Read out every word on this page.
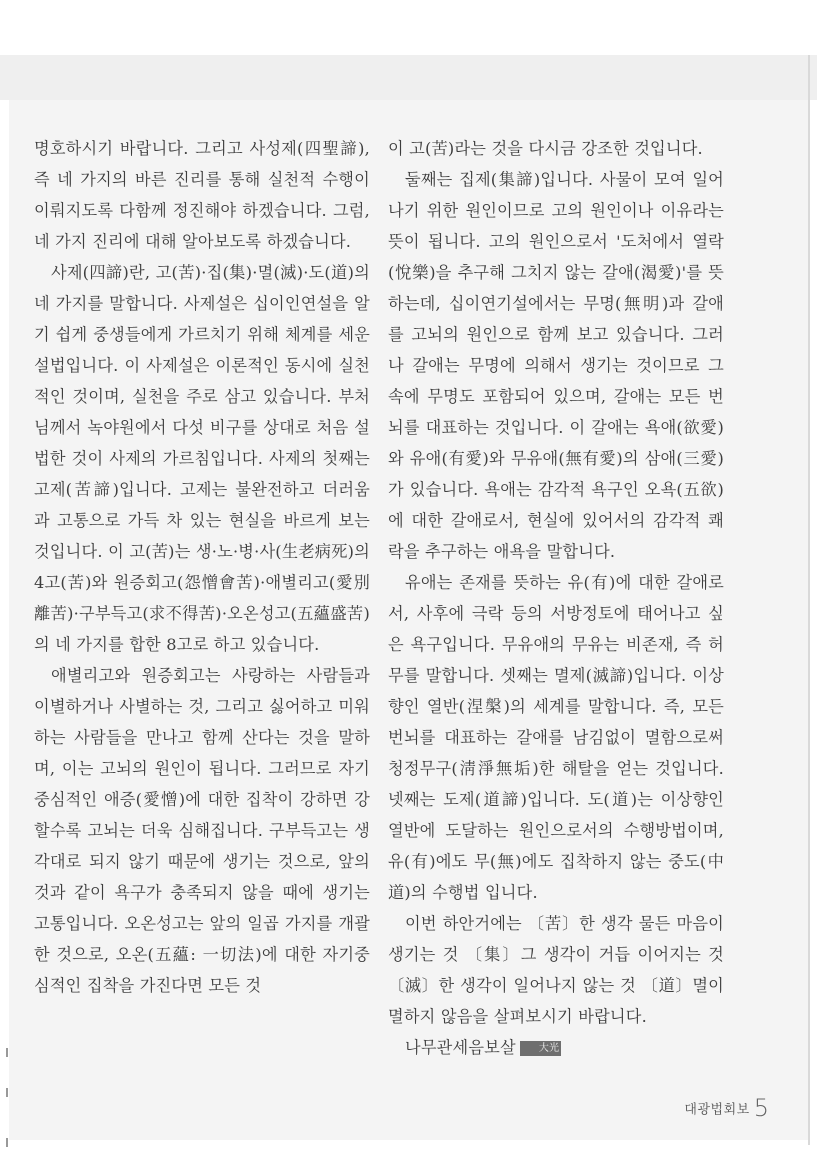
명호하시기 바랍니다. 그리고 사성제(四聖諦), 즉 네 가지의 바른 진리를 통해 실천적 수행이 이뤄지도록 다함께 정진해야 하겠습니다. 그럼, 네 가지 진리에 대해 알아보도록 하겠습니다.

사제(四諦)란, 고(苦)·집(集)·멸(滅)·도(道)의 네 가지를 말합니다. 사제설은 십이인연설을 알기 쉽게 중생들에게 가르치기 위해 체계를 세운 설법입니다. 이 사제설은 이론적인 동시에 실천적인 것이며, 실천을 주로 삼고 있습니다. 부처님께서 녹야원에서 다섯 비구를 상대로 처음 설법한 것이 사제의 가르침입니다. 사제의 첫째는 고제(苦諦)입니다. 고제는 불완전하고 더러움과 고통으로 가득 차 있는 현실을 바르게 보는 것입니다. 이 고(苦)는 생·노·병·사(生老病死)의 4고(苦)와 원증회고(怨憎會苦)·애별리고(愛別離苦)·구부득고(求不得苦)·오온성고(五蘊盛苦)의 네 가지를 합한 8고로 하고 있습니다.

애별리고와 원증회고는 사랑하는 사람들과 이별하거나 사별하는 것, 그리고 싫어하고 미워하는 사람들을 만나고 함께 산다는 것을 말하며, 이는 고뇌의 원인이 됩니다. 그러므로 자기중심적인 애증(愛憎)에 대한 집착이 강하면 강할수록 고뇌는 더욱 심해집니다. 구부득고는 생각대로 되지 않기 때문에 생기는 것으로, 앞의 것과 같이 욕구가 충족되지 않을 때에 생기는 고통입니다. 오온성고는 앞의 일곱 가지를 개괄한 것으로, 오온(五蘊: 一切法)에 대한 자기중심적인 집착을 가진다면 모든 것

이 고(苦)라는 것을 다시금 강조한 것입니다.

둘째는 집제(集諦)입니다. 사물이 모여 일어나기 위한 원인이므로 고의 원인이나 이유라는 뜻이 됩니다. 고의 원인으로서 '도처에서 열락(悅樂)을 추구해 그치지 않는 갈애(渴愛)'를 뜻하는데, 십이연기설에서는 무명(無明)과 갈애를 고뇌의 원인으로 함께 보고 있습니다. 그러나 갈애는 무명에 의해서 생기는 것이므로 그 속에 무명도 포함되어 있으며, 갈애는 모든 번뇌를 대표하는 것입니다. 이 갈애는 욕애(欲愛)와 유애(有愛)와 무유애(無有愛)의 삼애(三愛)가 있습니다. 욕애는 감각적 욕구인 오욕(五欲)에 대한 갈애로서, 현실에 있어서의 감각적 쾌락을 추구하는 애욕을 말합니다.

유애는 존재를 뜻하는 유(有)에 대한 갈애로서, 사후에 극락 등의 서방정토에 태어나고 싶은 욕구입니다. 무유애의 무유는 비존재, 즉 허무를 말합니다. 셋째는 멸제(滅諦)입니다. 이상향인 열반(涅槃)의 세계를 말합니다. 즉, 모든 번뇌를 대표하는 갈애를 남김없이 멸함으로써 청정무구(淸淨無垢)한 해탈을 얻는 것입니다. 넷째는 도제(道諦)입니다. 도(道)는 이상향인 열반에 도달하는 원인으로서의 수행방법이며, 유(有)에도 무(無)에도 집착하지 않는 중도(中道)의 수행법 입니다.

이번 하안거에는 〔苦〕한 생각 물든 마음이 생기는 것 〔集〕그 생각이 거듭 이어지는 것 〔滅〕한 생각이 일어나지 않는 것 〔道〕멸이 멸하지 않음을 살펴보시기 바랍니다.

나무관세음보살 大光

대광법회보 5
